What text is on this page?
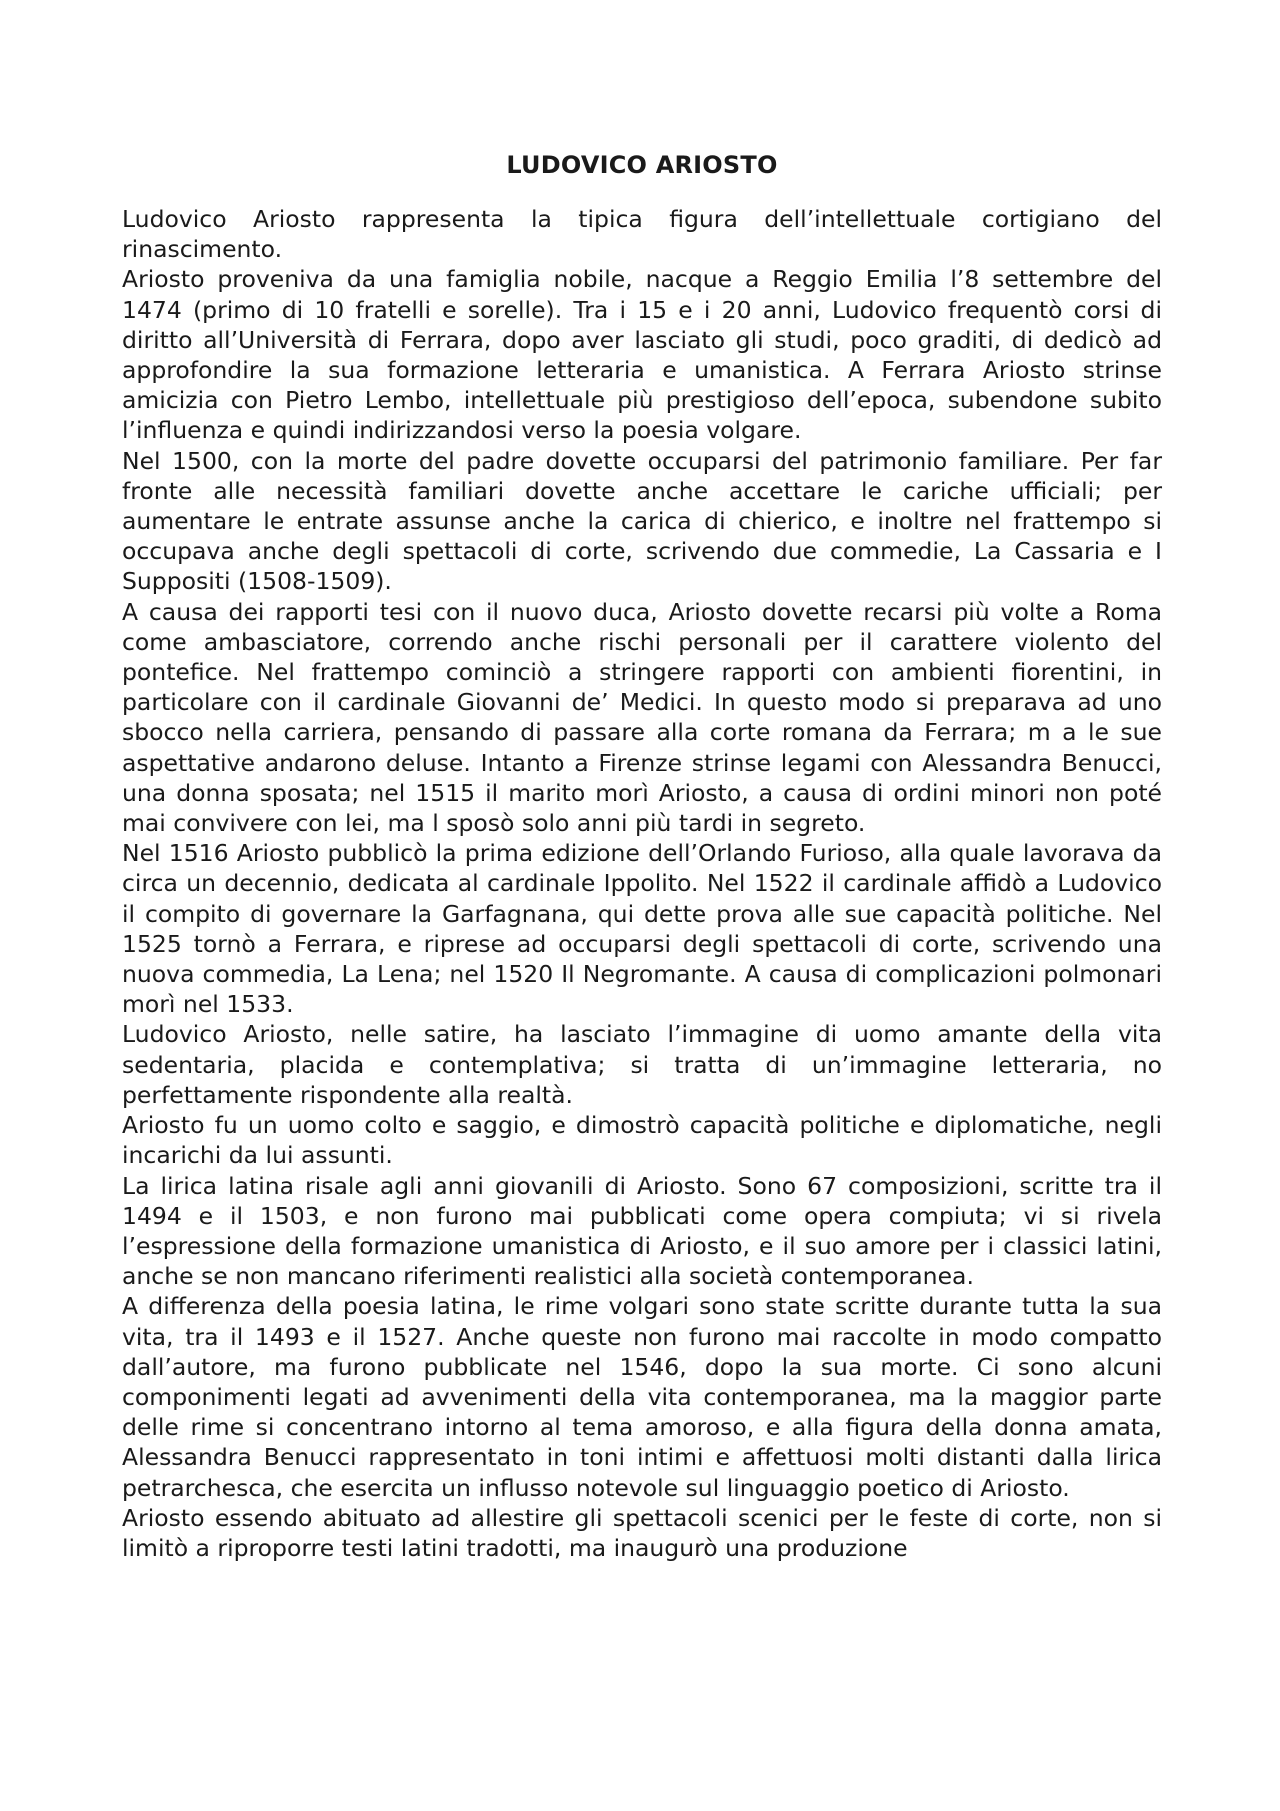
LUDOVICO ARIOSTO

Ludovico Ariosto rappresenta la tipica figura dell’intellettuale cortigiano del rinascimento.

Ariosto proveniva da una famiglia nobile, nacque a Reggio Emilia l’8 settembre del 1474 (primo di 10 fratelli e sorelle). Tra i 15 e i 20 anni, Ludovico frequentò corsi di diritto all’Università di Ferrara, dopo aver lasciato gli studi, poco graditi, di dedicò ad approfondire la sua formazione letteraria e umanistica. A Ferrara Ariosto strinse amicizia con Pietro Lembo, intellettuale più prestigioso dell’epoca, subendone subito l’influenza e quindi indirizzandosi verso la poesia volgare.

Nel 1500, con la morte del padre dovette occuparsi del patrimonio familiare. Per far fronte alle necessità familiari dovette anche accettare le cariche ufficiali; per aumentare le entrate assunse anche la carica di chierico, e inoltre nel frattempo si occupava anche degli spettacoli di corte, scrivendo due commedie, La Cassaria e I Suppositi (1508-1509).

A causa dei rapporti tesi con il nuovo duca, Ariosto dovette recarsi più volte a Roma come ambasciatore, correndo anche rischi personali per il carattere violento del pontefice. Nel frattempo cominciò a stringere rapporti con ambienti fiorentini, in particolare con il cardinale Giovanni de’ Medici. In questo modo si preparava ad uno sbocco nella carriera, pensando di passare alla corte romana da Ferrara; m a le sue aspettative andarono deluse. Intanto a Firenze strinse legami con Alessandra Benucci, una donna sposata; nel 1515 il marito morì Ariosto, a causa di ordini minori non poté mai convivere con lei, ma l sposò solo anni più tardi in segreto.

Nel 1516 Ariosto pubblicò la prima edizione dell’Orlando Furioso, alla quale lavorava da circa un decennio, dedicata al cardinale Ippolito. Nel 1522 il cardinale affidò a Ludovico il compito di governare la Garfagnana, qui dette prova alle sue capacità politiche. Nel 1525 tornò a Ferrara, e riprese ad occuparsi degli spettacoli di corte, scrivendo una nuova commedia, La Lena; nel 1520 Il Negromante. A causa di complicazioni polmonari morì nel 1533.

Ludovico Ariosto, nelle satire, ha lasciato l’immagine di uomo amante della vita sedentaria, placida e contemplativa; si tratta di un’immagine letteraria, no perfettamente rispondente alla realtà.

Ariosto fu un uomo colto e saggio, e dimostrò capacità politiche e diplomatiche, negli incarichi da lui assunti.

La lirica latina risale agli anni giovanili di Ariosto. Sono 67 composizioni, scritte tra il 1494 e il 1503, e non furono mai pubblicati come opera compiuta; vi si rivela l’espressione della formazione umanistica di Ariosto, e il suo amore per i classici latini, anche se non mancano riferimenti realistici alla società contemporanea.

A differenza della poesia latina, le rime volgari sono state scritte durante tutta la sua vita, tra il 1493 e il 1527. Anche queste non furono mai raccolte in modo compatto dall’autore, ma furono pubblicate nel 1546, dopo la sua morte. Ci sono alcuni componimenti legati ad avvenimenti della vita contemporanea, ma la maggior parte delle rime si concentrano intorno al tema amoroso, e alla figura della donna amata, Alessandra Benucci rappresentato in toni intimi e affettuosi molti distanti dalla lirica petrarchesca, che esercita un influsso notevole sul linguaggio poetico di Ariosto.

Ariosto essendo abituato ad allestire gli spettacoli scenici per le feste di corte, non si limitò a riproporre testi latini tradotti, ma inaugurò una produzione
